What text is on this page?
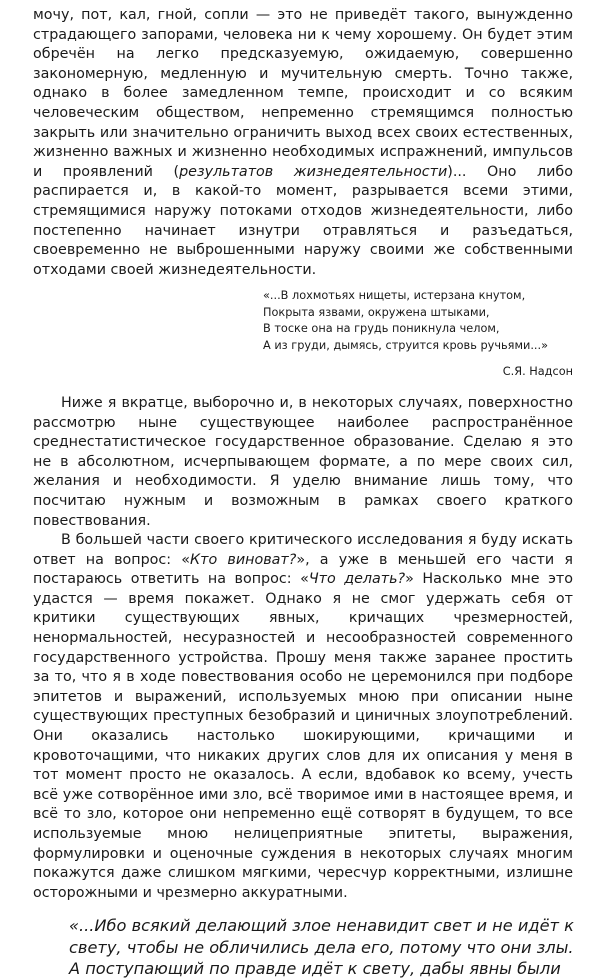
мочу, пот, кал, гной, сопли — это не приведёт такого, вынужденно страдающего запорами, человека ни к чему хорошему. Он будет этим обречён на легко предсказуемую, ожидаемую, совершенно закономерную, медленную и мучительную смерть. Точно также, однако в более замедленном темпе, происходит и со всяким человеческим обществом, непременно стремящимся полностью закрыть или значительно ограничить выход всех своих естественных, жизненно важных и жизненно необходимых испражнений, импульсов и проявлений (результатов жизнедеятельности)... Оно либо распирается и, в какой-то момент, разрывается всеми этими, стремящимися наружу потоками отходов жизнедеятельности, либо постепенно начинает изнутри отравляться и разъедаться, своевременно не выброшенными наружу своими же собственными отходами своей жизнедеятельности.

«...В лохмотьях нищеты, истерзана кнутом,
Покрыта язвами, окружена штыками,
В тоске она на грудь поникнула челом,
А из груди, дымясь, струится кровь ручьями...»
С.Я. Надсон

Ниже я вкратце, выборочно и, в некоторых случаях, поверхностно рассмотрю ныне существующее наиболее распространённое среднестатистическое государственное образование. Сделаю я это не в абсолютном, исчерпывающем формате, а по мере своих сил, желания и необходимости. Я уделю внимание лишь тому, что посчитаю нужным и возможным в рамках своего краткого повествования.

В большей части своего критического исследования я буду искать ответ на вопрос: «Кто виноват?», а уже в меньшей его части я постараюсь ответить на вопрос: «Что делать?» Насколько мне это удастся — время покажет. Однако я не смог удержать себя от критики существующих явных, кричащих чрезмерностей, ненормальностей, несуразностей и несообразностей современного государственного устройства. Прошу меня также заранее простить за то, что я в ходе повествования особо не церемонился при подборе эпитетов и выражений, используемых мною при описании ныне существующих преступных безобразий и циничных злоупотреблений. Они оказались настолько шокирующими, кричащими и кровоточащими, что никаких других слов для их описания у меня в тот момент просто не оказалось. А если, вдобавок ко всему, учесть всё уже сотворённое ими зло, всё творимое ими в настоящее время, и всё то зло, которое они непременно ещё сотворят в будущем, то все используемые мною нелицеприятные эпитеты, выражения, формулировки и оценочные суждения в некоторых случаях многим покажутся даже слишком мягкими, чересчур корректными, излишне осторожными и чрезмерно аккуратными.

«...Ибо всякий делающий злое ненавидит свет и не идёт к
свету, чтобы не обличились дела его, потому что они злы.
А поступающий по правде идёт к свету, дабы явны были
